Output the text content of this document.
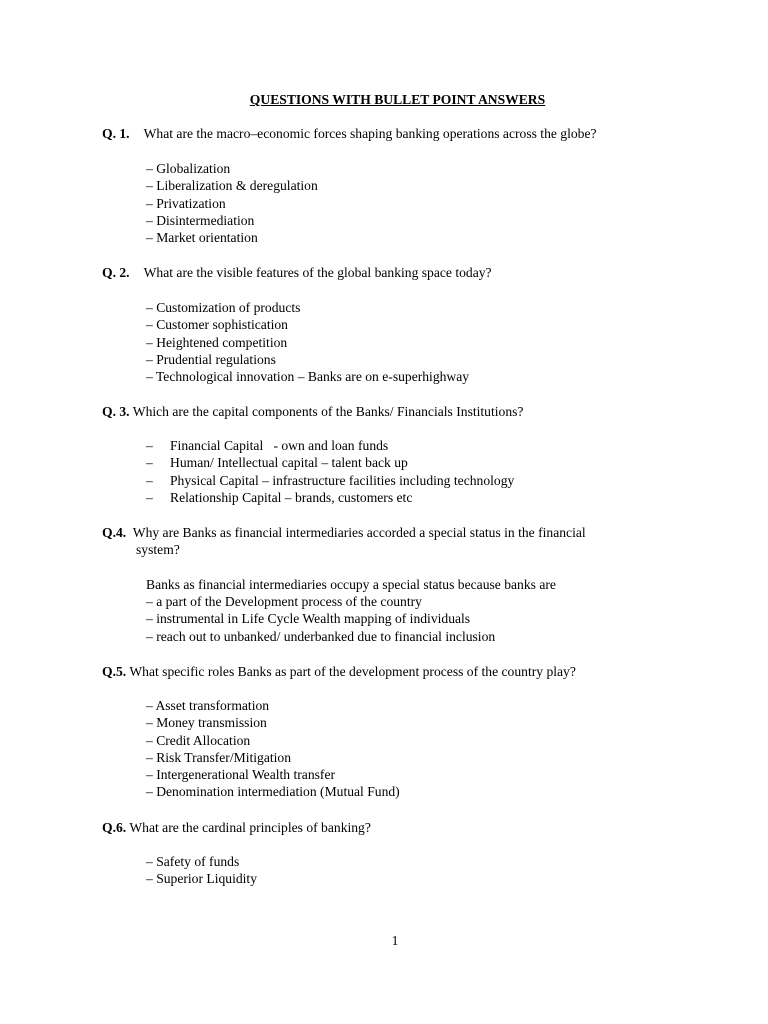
QUESTIONS WITH BULLET POINT ANSWERS
Q. 1. What are the macro–economic forces shaping banking operations across the globe?
– Globalization
– Liberalization & deregulation
– Privatization
– Disintermediation
– Market orientation
Q. 2. What are the visible features of the global banking space today?
– Customization of products
– Customer sophistication
– Heightened competition
– Prudential regulations
– Technological innovation – Banks are on e-superhighway
Q. 3. Which are the capital components of the Banks/ Financials Institutions?
– Financial Capital   - own and loan funds
– Human/ Intellectual capital – talent back up
– Physical Capital – infrastructure facilities including technology
– Relationship Capital – brands, customers etc
Q.4. Why are Banks as financial intermediaries accorded a special status in the financial
system?
Banks as financial intermediaries occupy a special status because banks are
– a part of the Development process of the country
– instrumental in Life Cycle Wealth mapping of individuals
– reach out to unbanked/ underbanked due to financial inclusion
Q.5. What specific roles Banks as part of the development process of the country play?
– Asset transformation
– Money transmission
– Credit Allocation
– Risk Transfer/Mitigation
– Intergenerational Wealth transfer
– Denomination intermediation (Mutual Fund)
Q.6. What are the cardinal principles of banking?
– Safety of funds
– Superior Liquidity
1
